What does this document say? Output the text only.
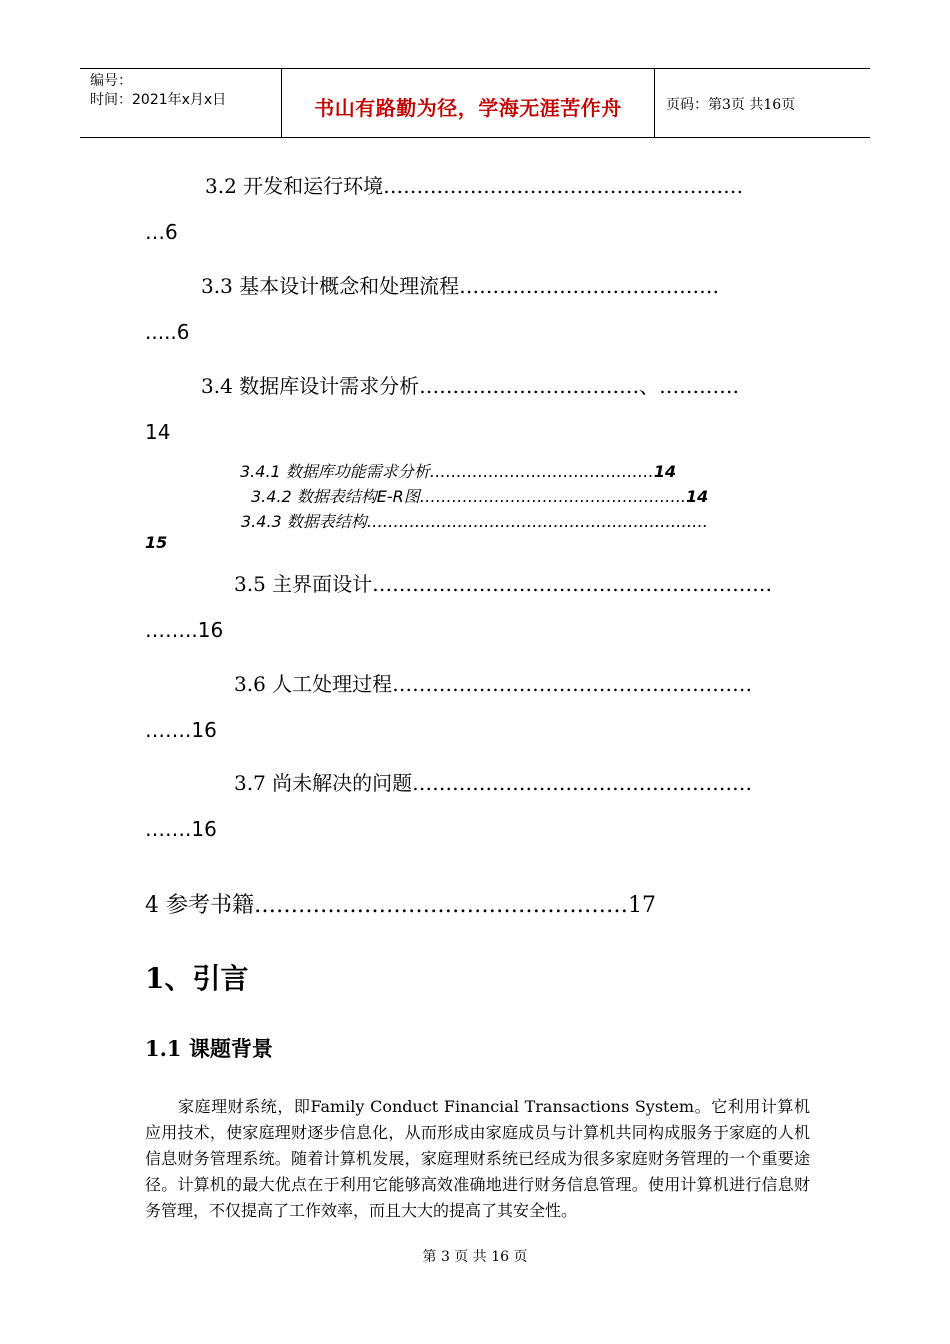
编号：
时间：2021年x月x日	书山有路勤为径，学海无涯苦作舟	页码：第3页 共16页
3.2 开发和运行环境………………………………………………
…6
3.3 基本设计概念和处理流程…………………………………
.....6
3.4 数据库设计需求分析……………………………、…………
14
3.4.1 数据库功能需求分析……………………………………14
3.4.2 数据表结构E-R图…………………………………………..14
3.4.3 数据表结构……………………………………………………….
15
3.5 主界面设计……………………………………………………
……..16
3.6 人工处理过程………………………………………………
…….16
3.7 尚未解决的问题……………………………………………
…….16
4 参考书籍……………………………………………17
1、引言
1.1 课题背景
家庭理财系统，即Family Conduct Financial Transactions System。它利用计算机应用技术，使家庭理财逐步信息化，从而形成由家庭成员与计算机共同构成服务于家庭的人机信息财务管理系统。随着计算机发展，家庭理财系统已经成为很多家庭财务管理的一个重要途径。计算机的最大优点在于利用它能够高效准确地进行财务信息管理。使用计算机进行信息财务管理，不仅提高了工作效率，而且大大的提高了其安全性。
第 3 页 共 16 页
